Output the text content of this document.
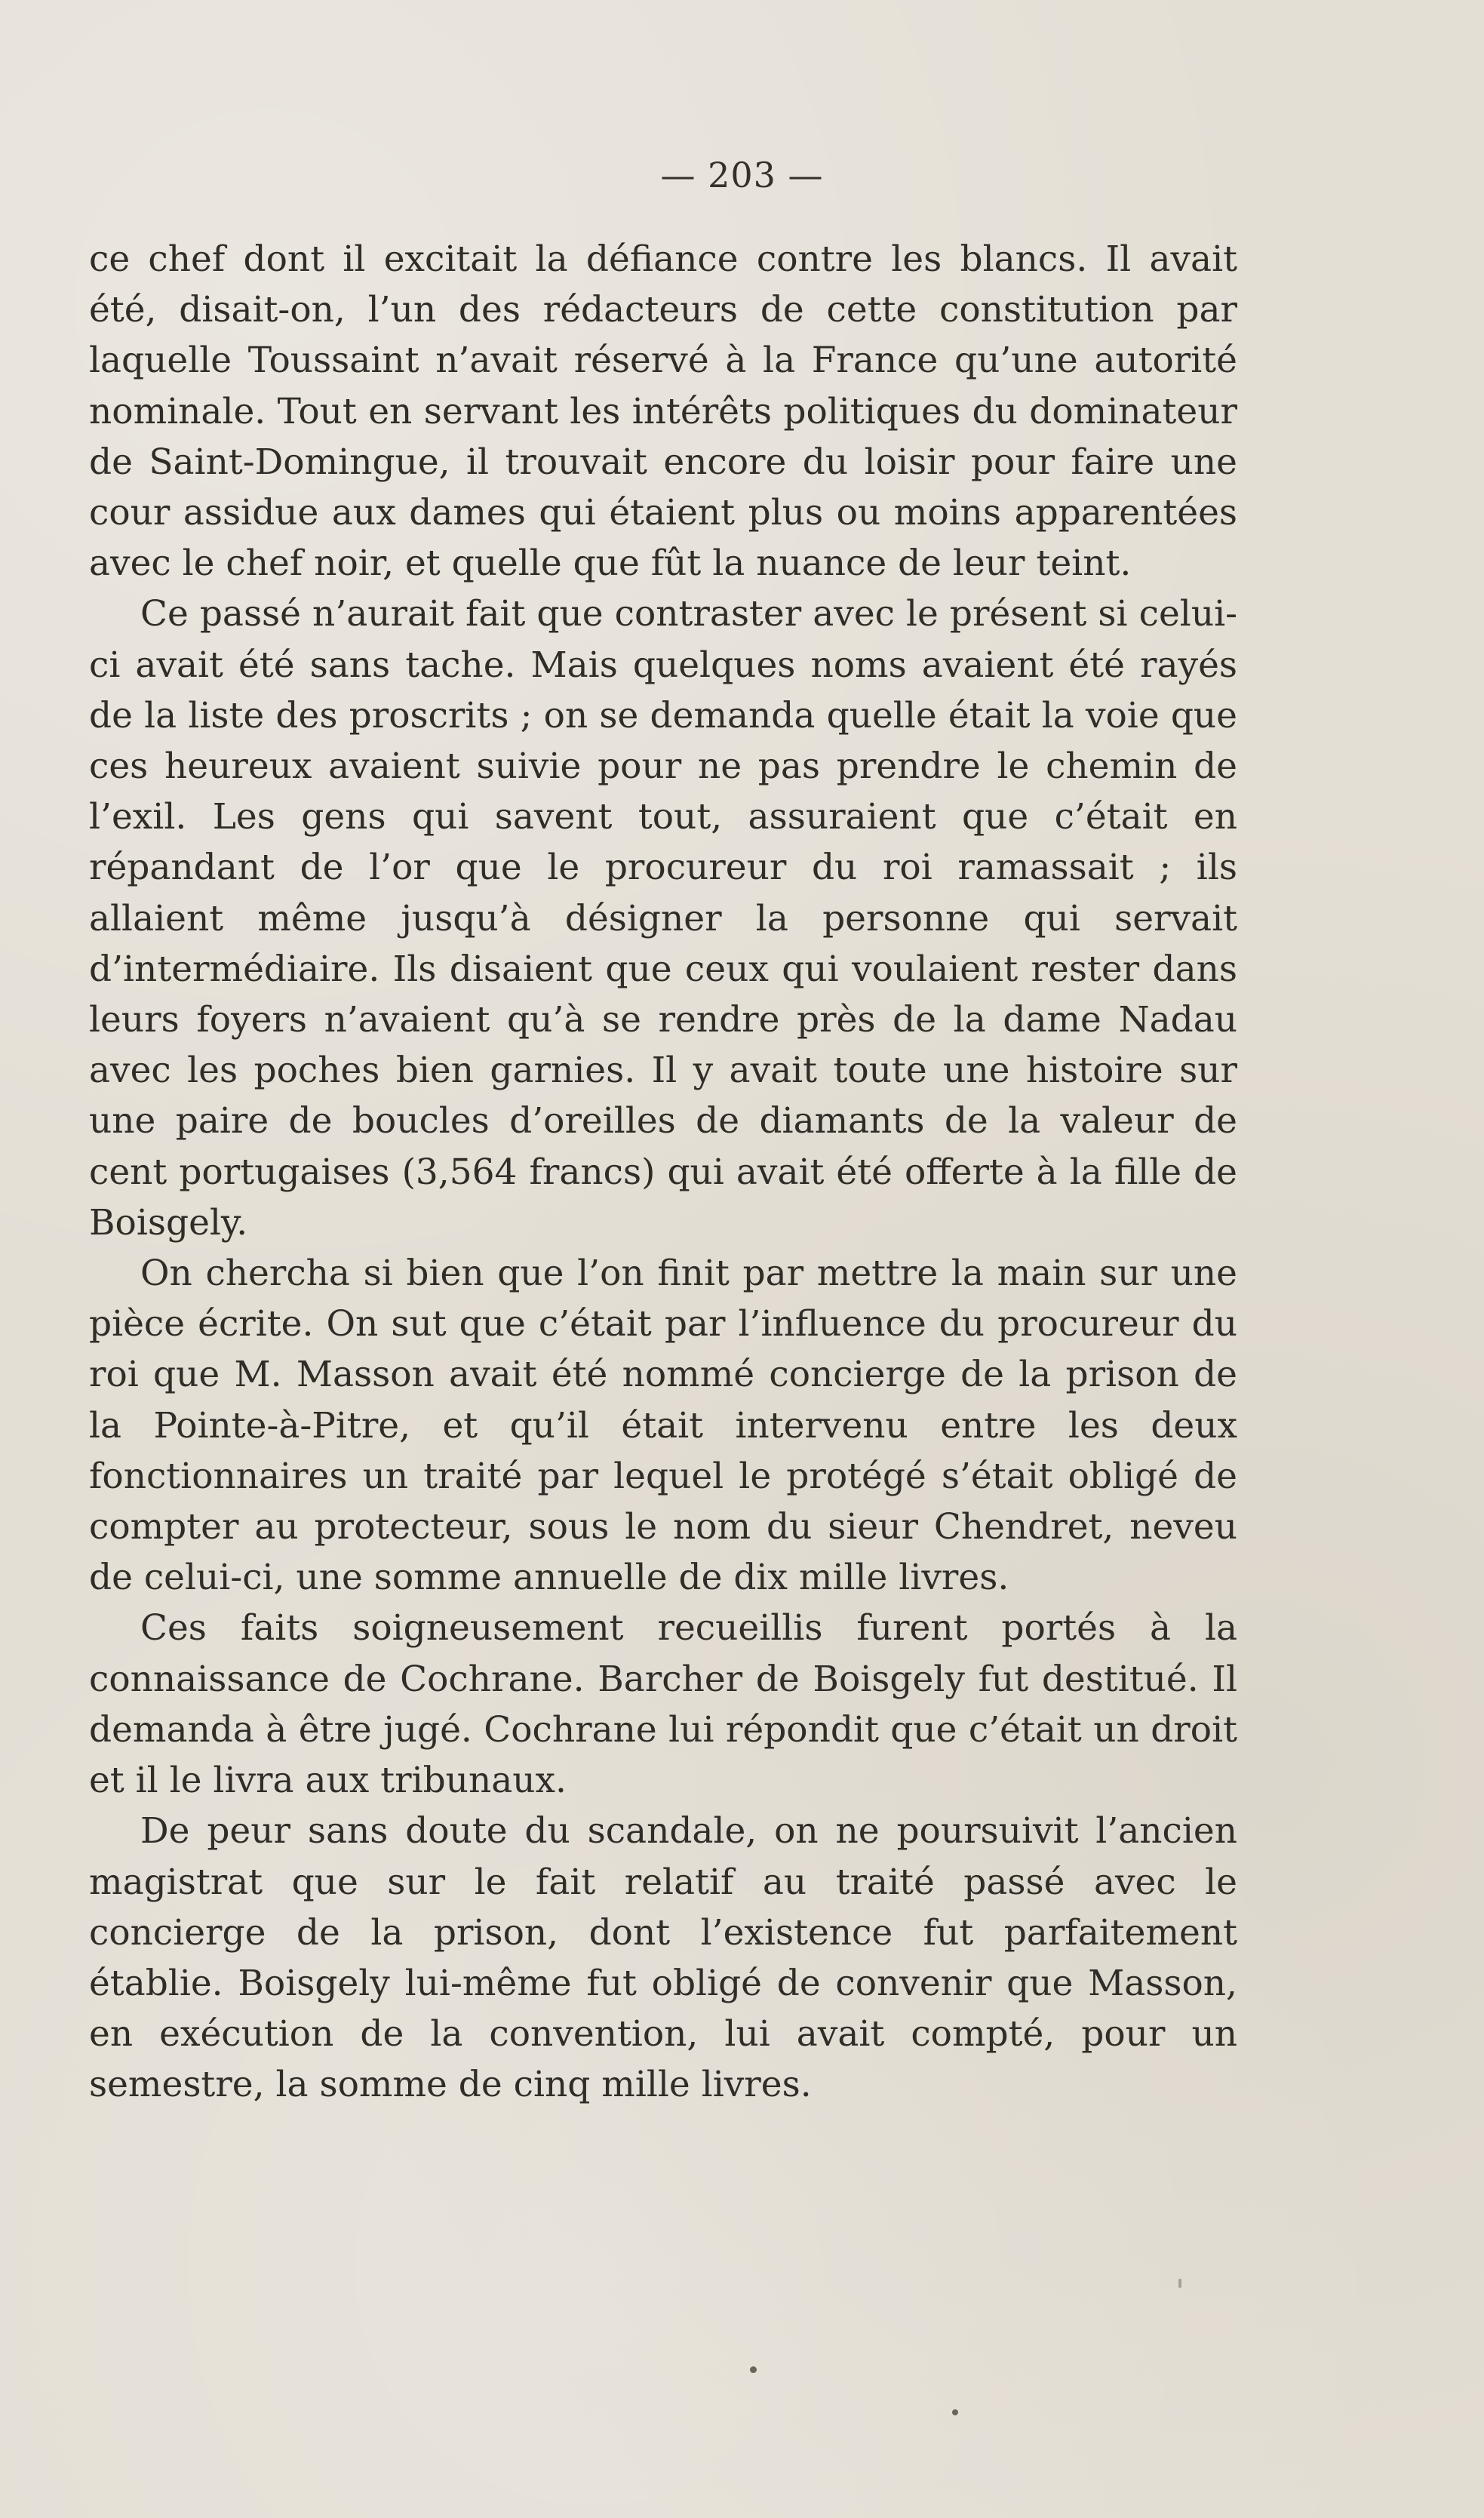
— 203 —

ce chef dont il excitait la défiance contre les blancs. Il avait été, disait-on, l’un des rédacteurs de cette constitution par laquelle Toussaint n’avait réservé à la France qu’une autorité nominale. Tout en servant les intérêts politiques du dominateur de Saint-Domingue, il trouvait encore du loisir pour faire une cour assidue aux dames qui étaient plus ou moins apparentées avec le chef noir, et quelle que fût la nuance de leur teint.

Ce passé n’aurait fait que contraster avec le présent si celui-ci avait été sans tache. Mais quelques noms avaient été rayés de la liste des proscrits ; on se demanda quelle était la voie que ces heureux avaient suivie pour ne pas prendre le chemin de l’exil. Les gens qui savent tout, assuraient que c’était en répandant de l’or que le procureur du roi ramassait ; ils allaient même jusqu’à désigner la personne qui servait d’intermédiaire. Ils disaient que ceux qui voulaient rester dans leurs foyers n’avaient qu’à se rendre près de la dame Nadau avec les poches bien garnies. Il y avait toute une histoire sur une paire de boucles d’oreilles de diamants de la valeur de cent portugaises (3,564 francs) qui avait été offerte à la fille de Boisgely.

On chercha si bien que l’on finit par mettre la main sur une pièce écrite. On sut que c’était par l’influence du procureur du roi que M. Masson avait été nommé concierge de la prison de la Pointe-à-Pitre, et qu’il était intervenu entre les deux fonctionnaires un traité par lequel le protégé s’était obligé de compter au protecteur, sous le nom du sieur Chendret, neveu de celui-ci, une somme annuelle de dix mille livres.

Ces faits soigneusement recueillis furent portés à la connaissance de Cochrane. Barcher de Boisgely fut destitué. Il demanda à être jugé. Cochrane lui répondit que c’était un droit et il le livra aux tribunaux.

De peur sans doute du scandale, on ne poursuivit l’ancien magistrat que sur le fait relatif au traité passé avec le concierge de la prison, dont l’existence fut parfaitement établie. Boisgely lui-même fut obligé de convenir que Masson, en exécution de la convention, lui avait compté, pour un semestre, la somme de cinq mille livres.
